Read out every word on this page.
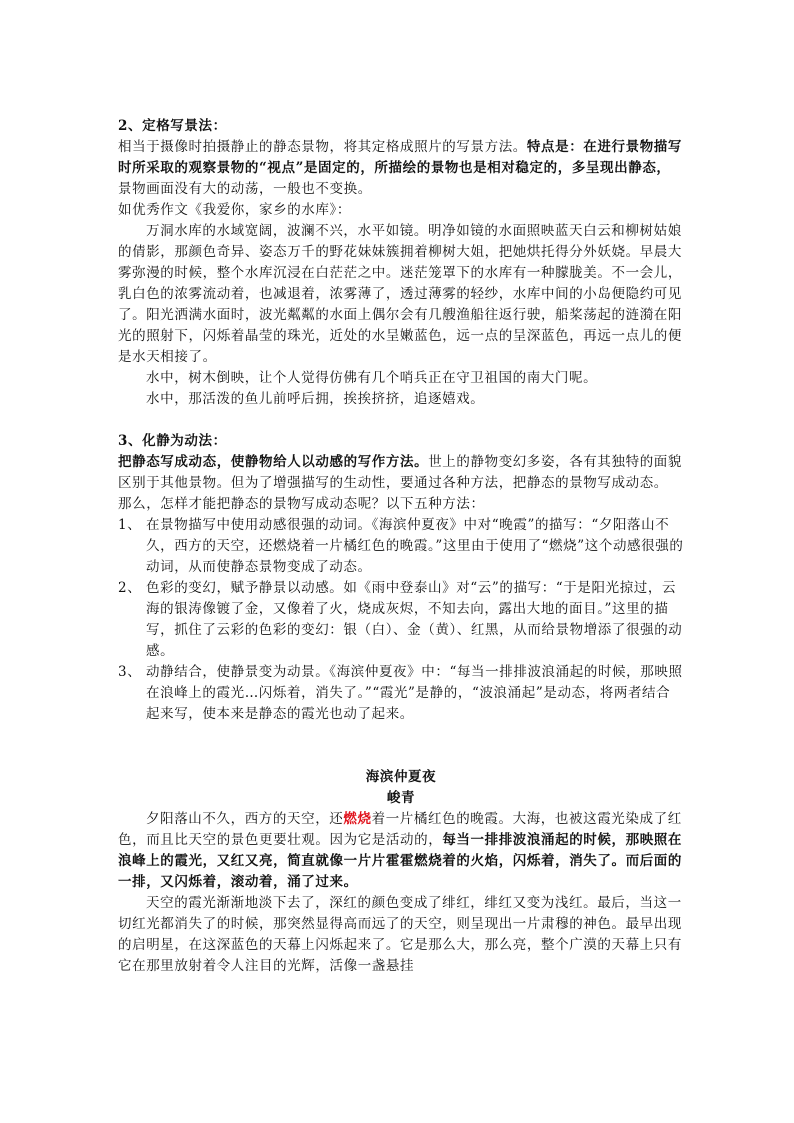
2、定格写景法：

相当于摄像时拍摄静止的静态景物，将其定格成照片的写景方法。特点是：在进行景物描写时所采取的观察景物的“视点”是固定的，所描绘的景物也是相对稳定的，多呈现出静态，景物画面没有大的动荡，一般也不变换。

如优秀作文《我爱你，家乡的水库》：

万洞水库的水域宽阔，波澜不兴，水平如镜。明净如镜的水面照映蓝天白云和柳树姑娘的倩影，那颜色奇异、姿态万千的野花妹妹簇拥着柳树大姐，把她烘托得分外妖娆。早晨大雾弥漫的时候，整个水库沉浸在白茫茫之中。迷茫笼罩下的水库有一种朦胧美。不一会儿，乳白色的浓雾流动着，也减退着，浓雾薄了，透过薄雾的轻纱，水库中间的小岛便隐约可见了。阳光洒满水面时，波光粼粼的水面上偶尔会有几艘渔船往返行驶，船桨荡起的涟漪在阳光的照射下，闪烁着晶莹的珠光，近处的水呈嫩蓝色，远一点的呈深蓝色，再远一点儿的便是水天相接了。

水中，树木倒映，让个人觉得仿佛有几个哨兵正在守卫祖国的南大门呢。

水中，那活泼的鱼儿前呼后拥，挨挨挤挤，追逐嬉戏。

3、化静为动法：

把静态写成动态，使静物给人以动感的写作方法。世上的静物变幻多姿，各有其独特的面貌区别于其他景物。但为了增强描写的生动性，要通过各种方法，把静态的景物写成动态。　　那么，怎样才能把静态的景物写成动态呢？以下五种方法：

1、 在景物描写中使用动感很强的动词。《海滨仲夏夜》中对“晚霞”的描写：“夕阳落山不久，西方的天空，还燃烧着一片橘红色的晚霞。”这里由于使用了“燃烧”这个动感很强的动词，从而使静态景物变成了动态。
2、 色彩的变幻，赋予静景以动感。如《雨中登泰山》对“云”的描写：“于是阳光掠过，云海的银涛像镀了金，又像着了火，烧成灰烬，不知去向，露出大地的面目。”这里的描写，抓住了云彩的色彩的变幻：银（白）、金（黄）、红黑，从而给景物增添了很强的动感。
3、 动静结合，使静景变为动景。《海滨仲夏夜》中：“每当一排排波浪涌起的时候，那映照在浪峰上的霞光…闪烁着，消失了。”“霞光”是静的，“波浪涌起”是动态，将两者结合起来写，使本来是静态的霞光也动了起来。

海滨仲夏夜

峻青

夕阳落山不久，西方的天空，还燃烧着一片橘红色的晚霞。大海，也被这霞光染成了红色，而且比天空的景色更要壮观。因为它是活动的，每当一排排波浪涌起的时候，那映照在浪峰上的霞光，又红又亮，简直就像一片片霍霍燃烧着的火焰，闪烁着，消失了。而后面的一排，又闪烁着，滚动着，涌了过来。

天空的霞光渐渐地淡下去了，深红的颜色变成了绯红，绯红又变为浅红。最后，当这一切红光都消失了的时候，那突然显得高而远了的天空，则呈现出一片肃穆的神色。最早出现的启明星，在这深蓝色的天幕上闪烁起来了。它是那么大，那么亮，整个广漠的天幕上只有它在那里放射着令人注目的光辉，活像一盏悬挂
